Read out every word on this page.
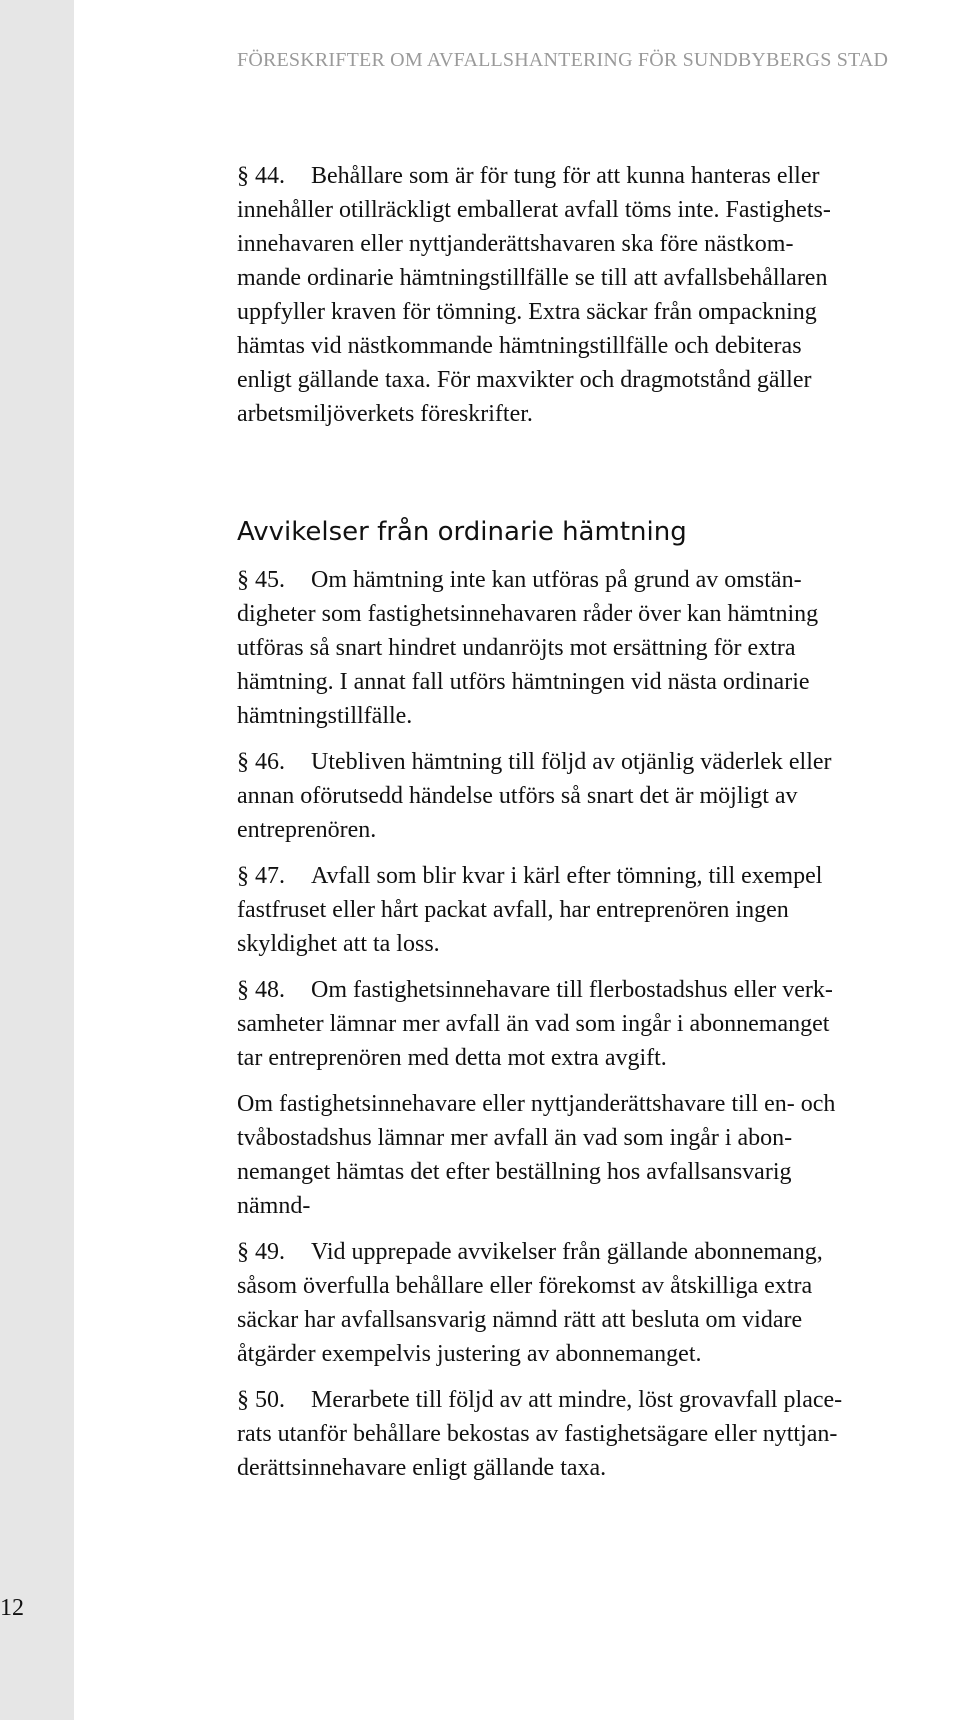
12
FÖRESKRIFTER OM AVFALLSHANTERING FÖR SUNDBYBERGS STAD

§ 44. Behållare som är för tung för att kunna hanteras eller
innehåller otillräckligt emballerat avfall töms inte. Fastighets-
innehavaren eller nyttjanderättshavaren ska före nästkom-
mande ordinarie hämtningstillfälle se till att avfallsbehållaren
uppfyller kraven för tömning. Extra säckar från ompackning
hämtas vid nästkommande hämtningstillfälle och debiteras
enligt gällande taxa. För maxvikter och dragmotstånd gäller
arbetsmiljöverkets föreskrifter.

Avvikelser från ordinarie hämtning

§ 45. Om hämtning inte kan utföras på grund av omstän-
digheter som fastighetsinnehavaren råder över kan hämtning
utföras så snart hindret undanröjts mot ersättning för extra
hämtning. I annat fall utförs hämtningen vid nästa ordinarie
hämtningstillfälle.

§ 46. Utebliven hämtning till följd av otjänlig väderlek eller
annan oförutsedd händelse utförs så snart det är möjligt av
entreprenören.

§ 47. Avfall som blir kvar i kärl efter tömning, till exempel
fastfruset eller hårt packat avfall, har entreprenören ingen
skyldighet att ta loss.

§ 48. Om fastighetsinnehavare till flerbostadshus eller verk-
samheter lämnar mer avfall än vad som ingår i abonnemanget
tar entreprenören med detta mot extra avgift.

Om fastighetsinnehavare eller nyttjanderättshavare till en- och
tvåbostadshus lämnar mer avfall än vad som ingår i abon-
nemanget hämtas det efter beställning hos avfallsansvarig
nämnd-

§ 49. Vid upprepade avvikelser från gällande abonnemang,
såsom överfulla behållare eller förekomst av åtskilliga extra
säckar har avfallsansvarig nämnd rätt att besluta om vidare
åtgärder exempelvis justering av abonnemanget.

§ 50. Merarbete till följd av att mindre, löst grovavfall place-
rats utanför behållare bekostas av fastighetsägare eller nyttjan-
derättsinnehavare enligt gällande taxa.
